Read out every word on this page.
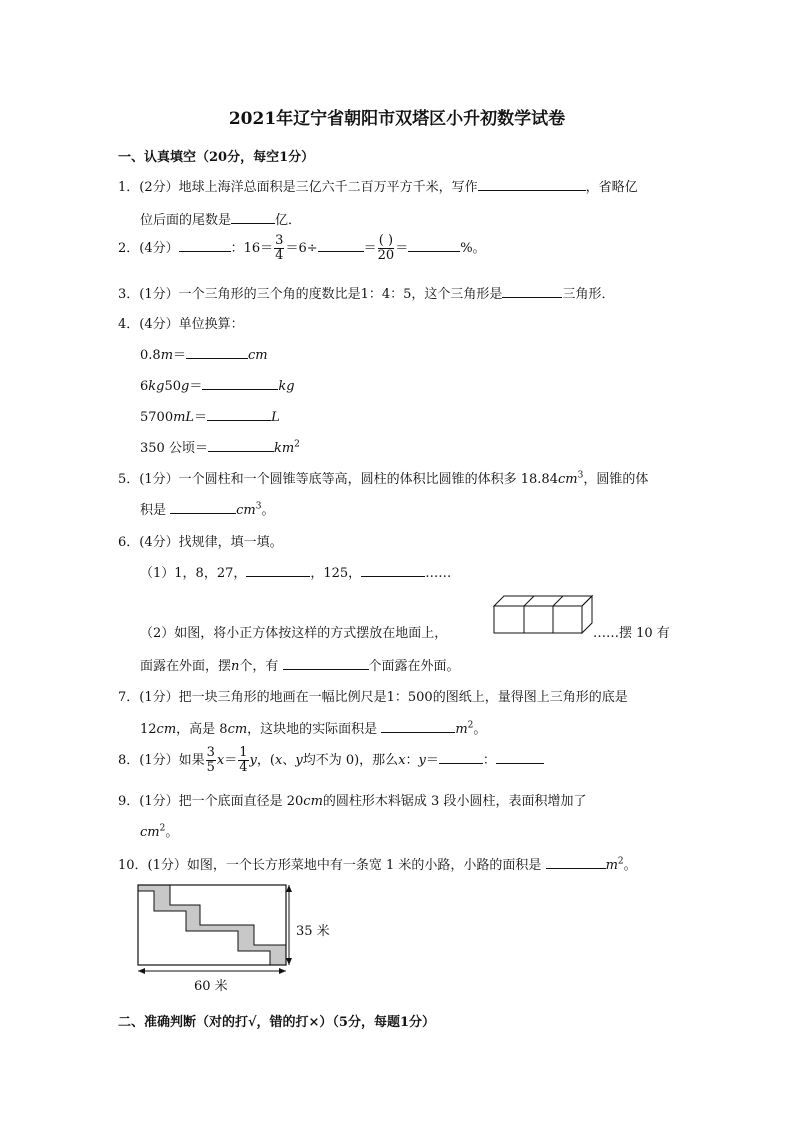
2021年辽宁省朝阳市双塔区小升初数学试卷
一、认真填空（20分，每空1分）
1．(2分）地球上海洋总面积是三亿六千二百万平方千米，写作	，省略亿
位后面的尾数是	亿．
2．(4分）	：$16= \frac{3}{4} =6\div$	＝ $\frac{( )}{20}$ ＝	%。
3．(1分）一个三角形的三个角的度数比是1：4：5，这个三角形是	三角形．
4．(4分）单位换算：
0.8m＝	cm
6kg50g＝	kg
5700mL＝	L
350 公顷＝	$km^2$
5．(1分）一个圆柱和一个圆锥等底等高，圆柱的体积比圆锥的体积多 $18.84cm^3$，圆锥的体
积是	$cm^3$。
6．(4分）找规律，填一填。
（1）1，8，27，	，125，	……
（2）如图，将小正方体按这样的方式摆放在地面上，	……摆 10 有
面露在外面，摆n个，有	个面露在外面。
7．(1分）把一块三角形的地画在一幅比例尺是1：500的图纸上，量得图上三角形的底是
12cm，高是 8cm，这块地的实际面积是	$m^2$。
8．(1分）如果 $\frac{3}{5} x= \frac{1}{4}$ y，(x、y均不为 0)，那么x：y＝	：
9．(1分）把一个底面直径是 20cm的圆柱形木料锯成 3 段小圆柱，表面积增加了
$cm^2$。
10．(1分）如图，一个长方形菜地中有一条宽 1 米的小路，小路的面积是	$m^2$。
35 米
60 米
二、准确判断（对的打√，错的打×）（5分，每题1分）
